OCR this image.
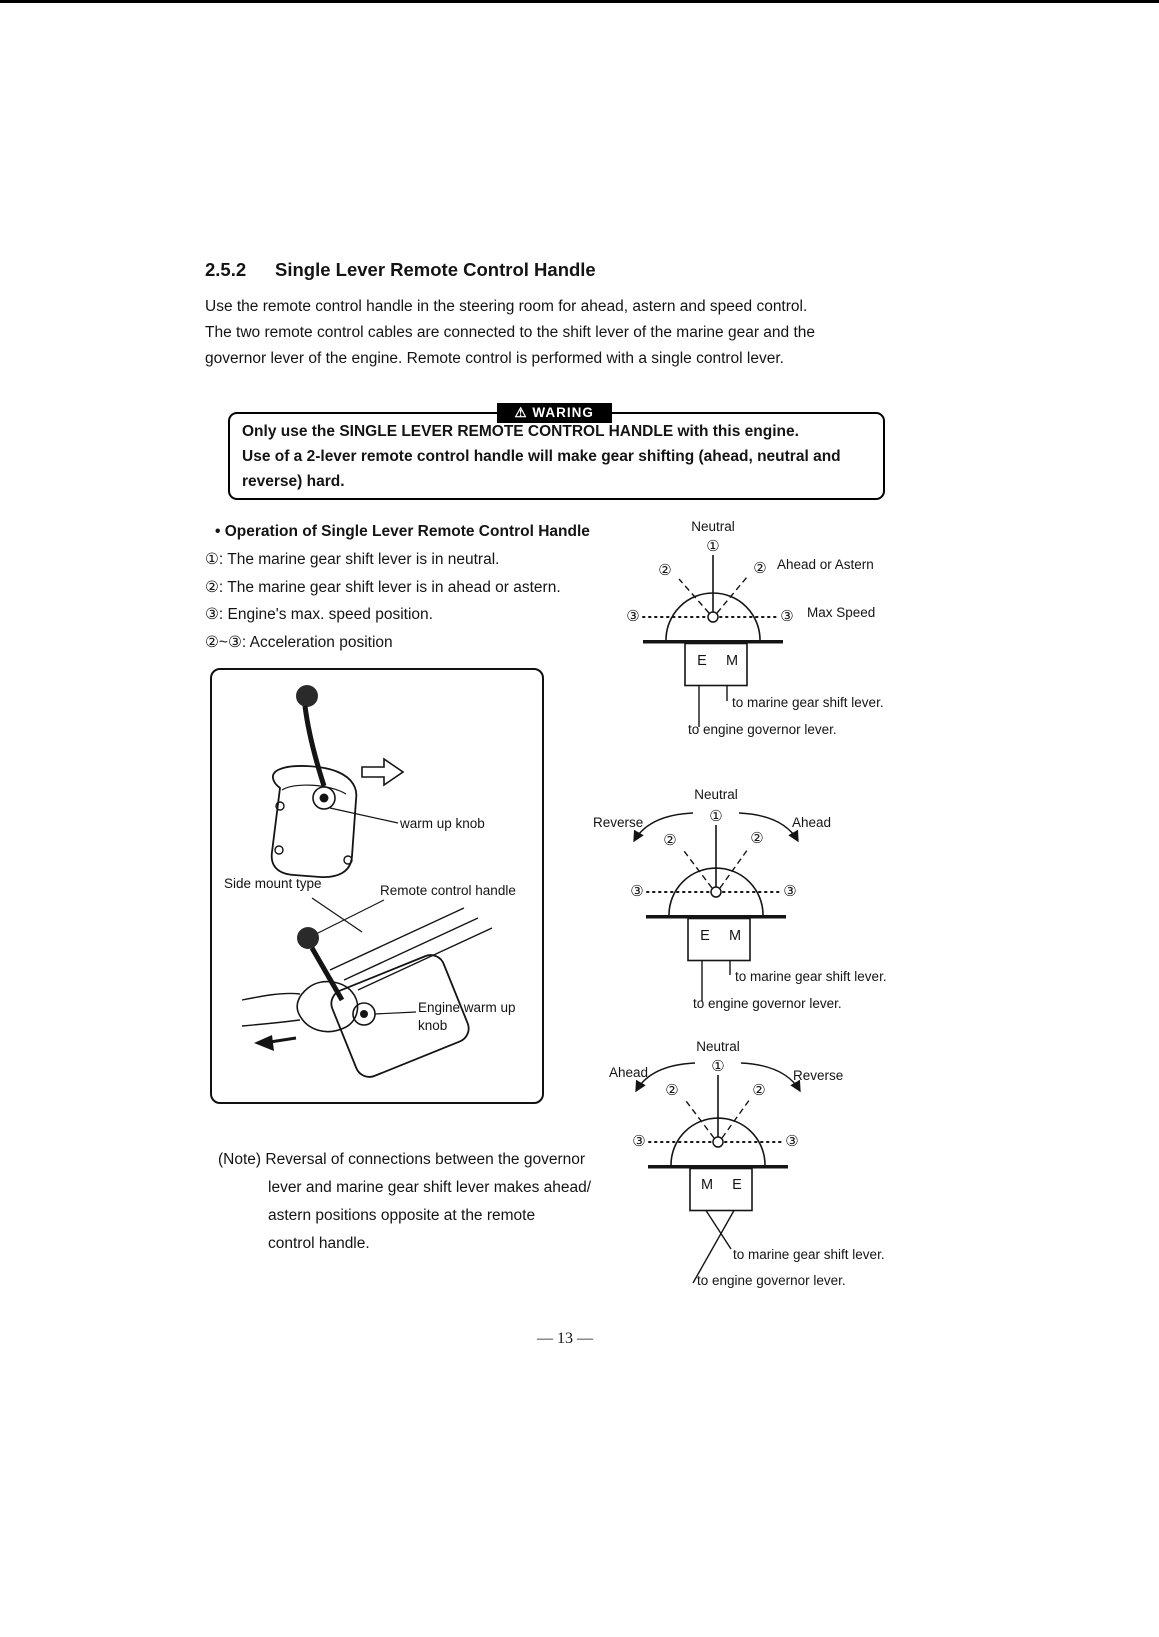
2.5.2 Single Lever Remote Control Handle
Use the remote control handle in the steering room for ahead, astern and speed control.
The two remote control cables are connected to the shift lever of the marine gear and the
governor lever of the engine. Remote control is performed with a single control lever.
⚠ WARING
Only use the SINGLE LEVER REMOTE CONTROL HANDLE with this engine.
Use of a 2-lever remote control handle will make gear shifting (ahead, neutral and
reverse) hard.
• Operation of Single Lever Remote Control Handle
①: The marine gear shift lever is in neutral.
②: The marine gear shift lever is in ahead or astern.
③: Engine's max. speed position.
②~③: Acceleration position
warm up knob
Side mount type	Remote control handle
Engine warm up
knob
Neutral
①
②	② Ahead or Astern
③	③ Max Speed
E M
to marine gear shift lever.
to engine governor lever.
Neutral
①
Reverse	Ahead
②	②
③	③
E M
to marine gear shift lever.
to engine governor lever.
Neutral
①
Ahead	Reverse
②	②
③	③
M E
to marine gear shift lever.
to engine governor lever.
(Note) Reversal of connections between the governor
lever and marine gear shift lever makes ahead/
astern positions opposite at the remote
control handle.
— 13 —
